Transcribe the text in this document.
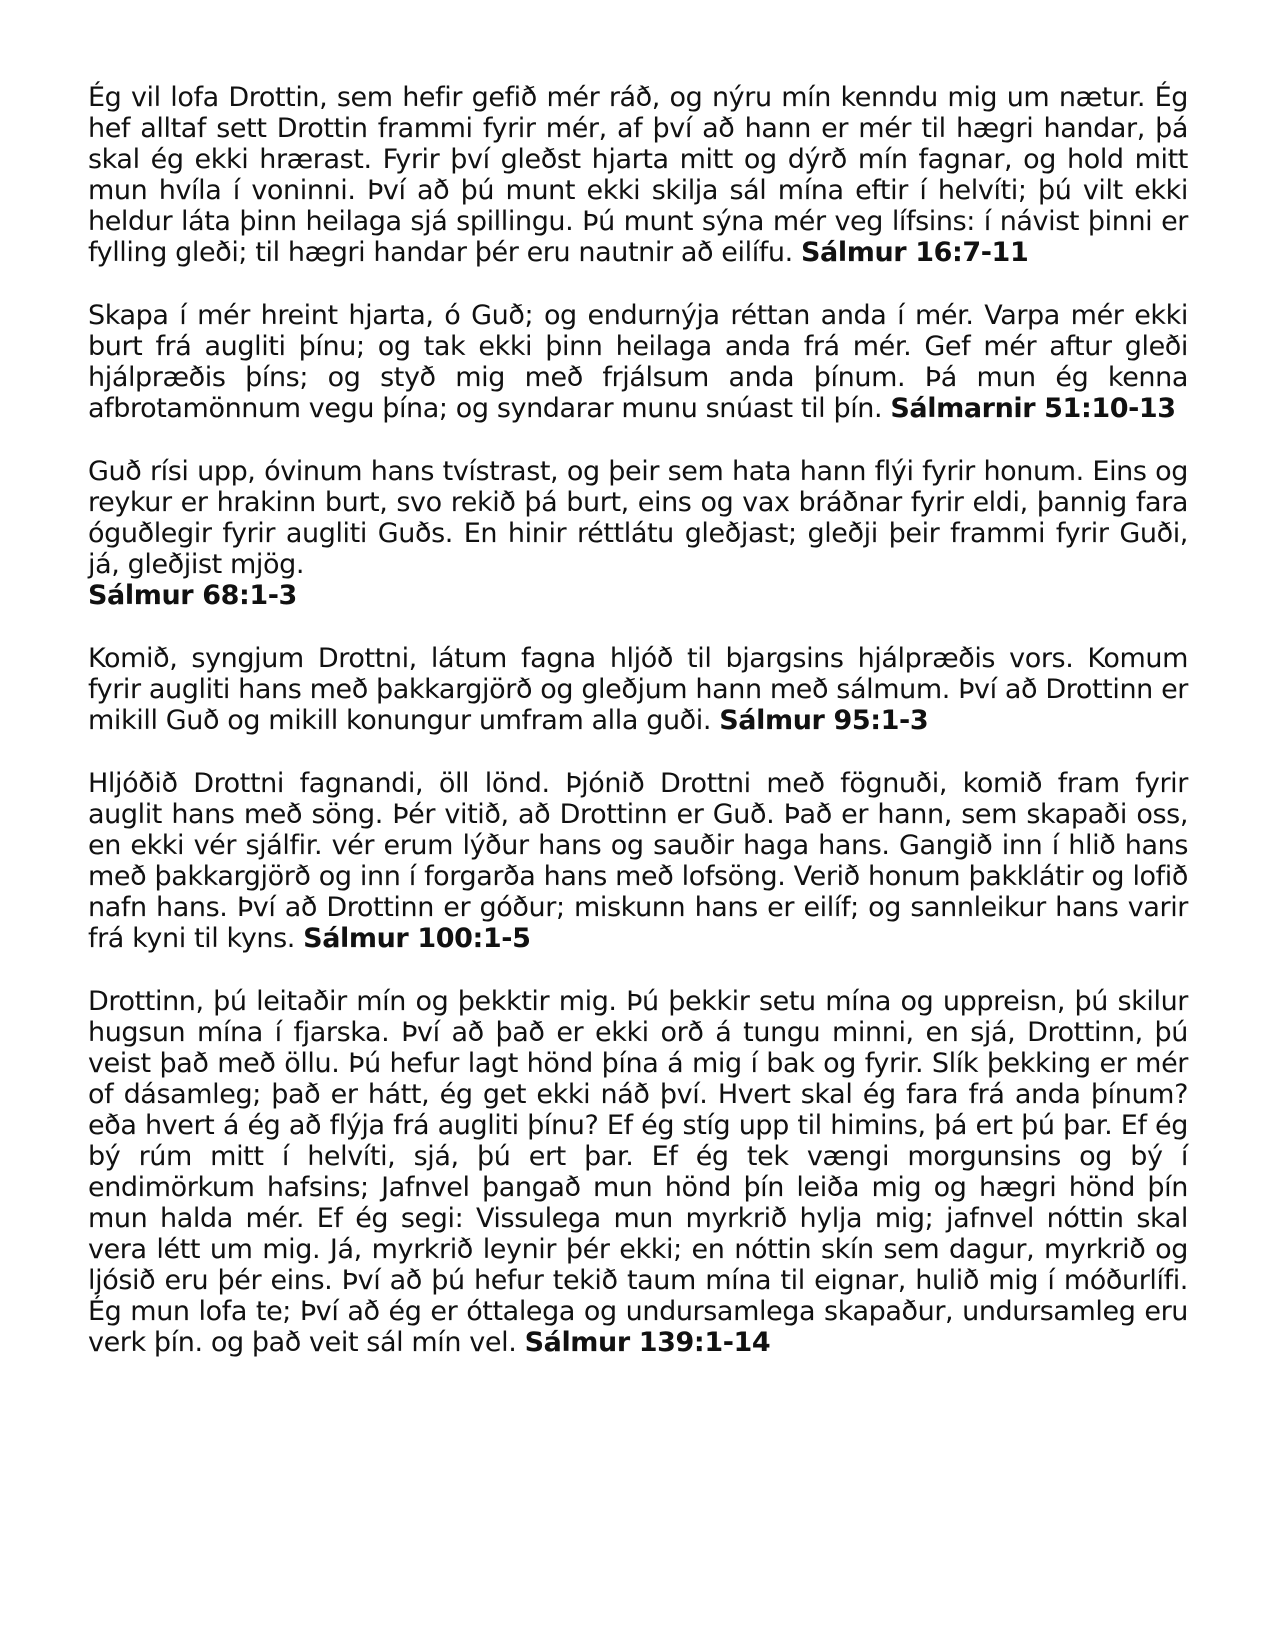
Ég vil lofa Drottin, sem hefir gefið mér ráð, og nýru mín kenndu mig um nætur. Ég hef alltaf sett Drottin frammi fyrir mér, af því að hann er mér til hægri handar, þá skal ég ekki hrærast. Fyrir því gleðst hjarta mitt og dýrð mín fagnar, og hold mitt mun hvíla í voninni. Því að þú munt ekki skilja sál mína eftir í helvíti; þú vilt ekki heldur láta þinn heilaga sjá spillingu. Þú munt sýna mér veg lífsins: í návist þinni er fylling gleði; til hægri handar þér eru nautnir að eilífu. Sálmur 16:7-11

Skapa í mér hreint hjarta, ó Guð; og endurnýja réttan anda í mér. Varpa mér ekki burt frá augliti þínu; og tak ekki þinn heilaga anda frá mér. Gef mér aftur gleði hjálpræðis þíns; og styð mig með frjálsum anda þínum. Þá mun ég kenna afbrotamönnum vegu þína; og syndarar munu snúast til þín. Sálmarnir 51:10-13

Guð rísi upp, óvinum hans tvístrast, og þeir sem hata hann flýi fyrir honum. Eins og reykur er hrakinn burt, svo rekið þá burt, eins og vax bráðnar fyrir eldi, þannig fara óguðlegir fyrir augliti Guðs. En hinir réttlátu gleðjast; gleðji þeir frammi fyrir Guði, já, gleðjist mjög.
Sálmur 68:1-3

Komið, syngjum Drottni, látum fagna hljóð til bjargsins hjálpræðis vors. Komum fyrir augliti hans með þakkargjörð og gleðjum hann með sálmum. Því að Drottinn er mikill Guð og mikill konungur umfram alla guði. Sálmur 95:1-3

Hljóðið Drottni fagnandi, öll lönd. Þjónið Drottni með fögnuði, komið fram fyrir auglit hans með söng. Þér vitið, að Drottinn er Guð. Það er hann, sem skapaði oss, en ekki vér sjálfir. vér erum lýður hans og sauðir haga hans. Gangið inn í hlið hans með þakkargjörð og inn í forgarða hans með lofsöng. Verið honum þakklátir og lofið nafn hans. Því að Drottinn er góður; miskunn hans er eilíf; og sannleikur hans varir frá kyni til kyns. Sálmur 100:1-5

Drottinn, þú leitaðir mín og þekktir mig. Þú þekkir setu mína og uppreisn, þú skilur hugsun mína í fjarska. Því að það er ekki orð á tungu minni, en sjá, Drottinn, þú veist það með öllu. Þú hefur lagt hönd þína á mig í bak og fyrir. Slík þekking er mér of dásamleg; það er hátt, ég get ekki náð því. Hvert skal ég fara frá anda þínum? eða hvert á ég að flýja frá augliti þínu? Ef ég stíg upp til himins, þá ert þú þar. Ef ég bý rúm mitt í helvíti, sjá, þú ert þar. Ef ég tek vængi morgunsins og bý í endimörkum hafsins; Jafnvel þangað mun hönd þín leiða mig og hægri hönd þín mun halda mér. Ef ég segi: Vissulega mun myrkrið hylja mig; jafnvel nóttin skal vera létt um mig. Já, myrkrið leynir þér ekki; en nóttin skín sem dagur, myrkrið og ljósið eru þér eins. Því að þú hefur tekið taum mína til eignar, hulið mig í móðurlífi. Ég mun lofa te; Því að ég er óttalega og undursamlega skapaður, undursamleg eru verk þín. og það veit sál mín vel. Sálmur 139:1-14
